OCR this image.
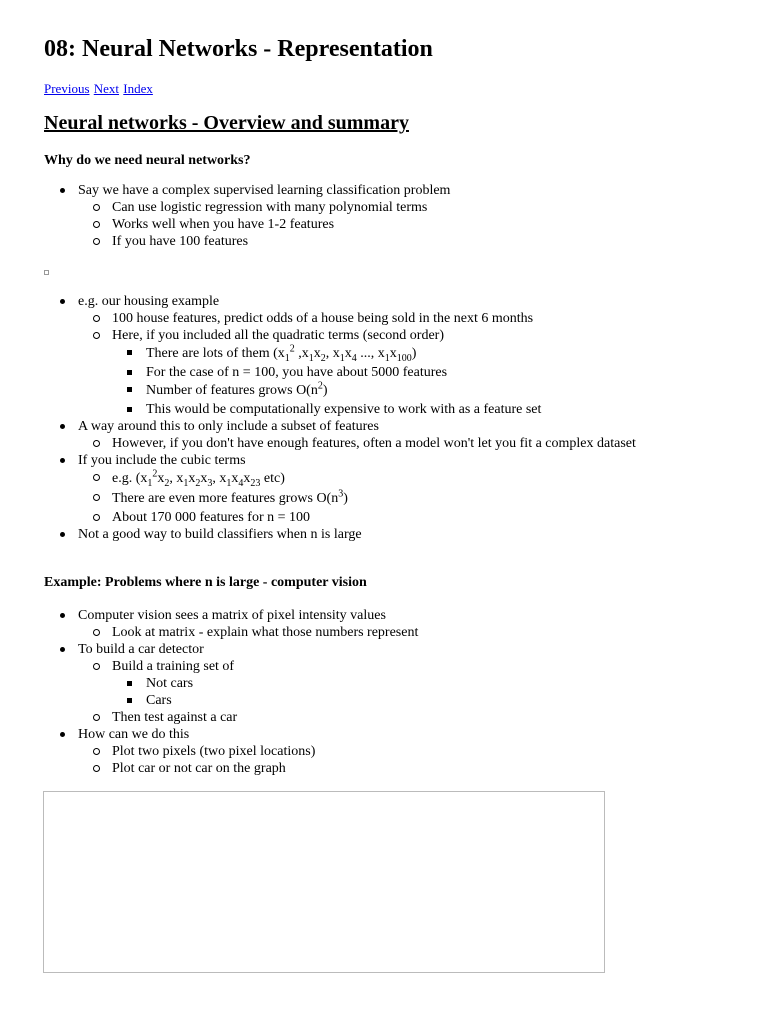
08: Neural Networks - Representation
Previous Next Index
Neural networks - Overview and summary
Why do we need neural networks?
Say we have a complex supervised learning classification problem
Can use logistic regression with many polynomial terms
Works well when you have 1-2 features
If you have 100 features
e.g. our housing example
100 house features, predict odds of a house being sold in the next 6 months
Here, if you included all the quadratic terms (second order)
There are lots of them ($x_1^2$ $,x_1x_2$, $x_1x_4$ ..., $x_1x_{100}$)
For the case of n = 100, you have about 5000 features
Number of features grows $O(n^2)$
This would be computationally expensive to work with as a feature set
A way around this to only include a subset of features
However, if you don't have enough features, often a model won't let you fit a complex dataset
If you include the cubic terms
e.g. ($x_1^2x_2$, $x_1x_2x_3$, $x_1x_4x_{23}$ etc)
There are even more features grows $O(n^3)$
About 170 000 features for n = 100
Not a good way to build classifiers when n is large
Example: Problems where n is large - computer vision
Computer vision sees a matrix of pixel intensity values
Look at matrix - explain what those numbers represent
To build a car detector
Build a training set of
Not cars
Cars
Then test against a car
How can we do this
Plot two pixels (two pixel locations)
Plot car or not car on the graph
